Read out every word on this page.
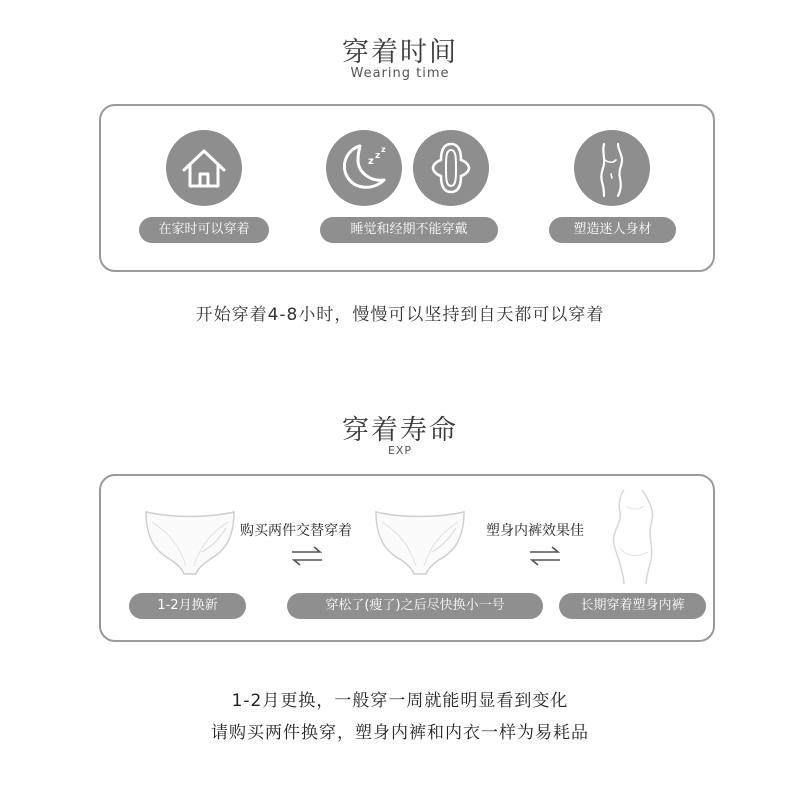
穿着时间
Wearing time
z z
z
在家时可以穿着	睡觉和经期不能穿戴	塑造迷人身材
开始穿着4-8小时，慢慢可以坚持到自天都可以穿着
穿着寿命
EXP
购买两件交替穿着	塑身内裤效果佳
1-2月换新	穿松了(瘦了)之后尽快换小一号	长期穿着塑身内裤
1-2月更换，一般穿一周就能明显看到变化
请购买两件换穿，塑身内裤和内衣一样为易耗品
